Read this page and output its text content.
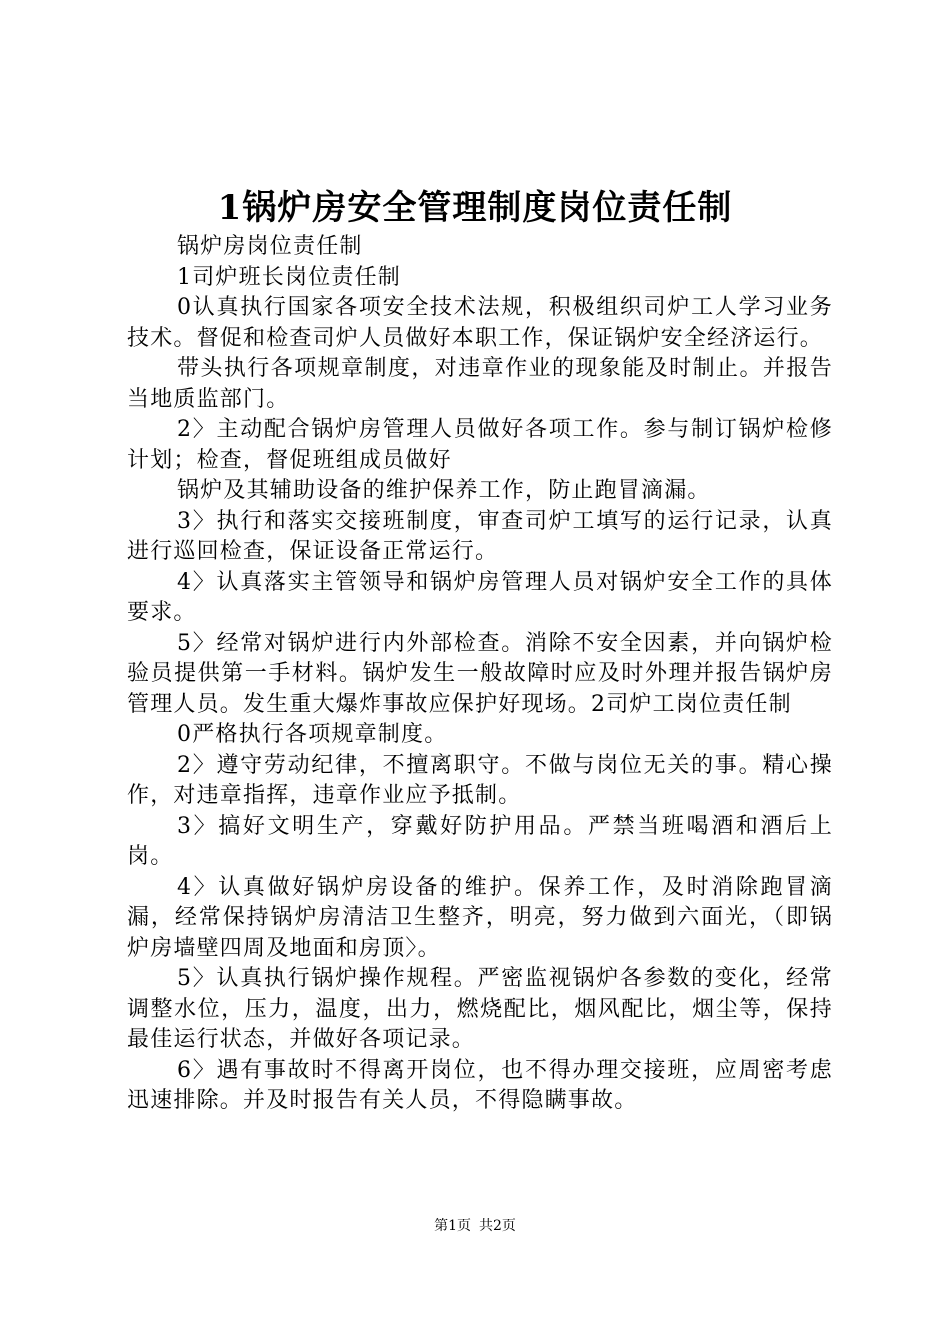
1锅炉房安全管理制度岗位责任制

锅炉房岗位责任制

1司炉班长岗位责任制

0认真执行国家各项安全技术法规，积极组织司炉工人学习业务技术。督促和检查司炉人员做好本职工作，保证锅炉安全经济运行。

带头执行各项规章制度，对违章作业的现象能及时制止。并报告当地质监部门。

2〉主动配合锅炉房管理人员做好各项工作。参与制订锅炉检修计划；检查，督促班组成员做好

锅炉及其辅助设备的维护保养工作，防止跑冒滴漏。

3〉执行和落实交接班制度，审查司炉工填写的运行记录，认真进行巡回检查，保证设备正常运行。

4〉认真落实主管领导和锅炉房管理人员对锅炉安全工作的具体要求。

5〉经常对锅炉进行内外部检查。消除不安全因素，并向锅炉检验员提供第一手材料。锅炉发生一般故障时应及时外理并报告锅炉房管理人员。发生重大爆炸事故应保护好现场。2司炉工岗位责任制

0严格执行各项规章制度。

2〉遵守劳动纪律，不擅离职守。不做与岗位无关的事。精心操作，对违章指挥，违章作业应予抵制。

3〉搞好文明生产，穿戴好防护用品。严禁当班喝酒和酒后上岗。

4〉认真做好锅炉房设备的维护。保养工作，及时消除跑冒滴漏，经常保持锅炉房清洁卫生整齐，明亮，努力做到六面光，（即锅炉房墙壁四周及地面和房顶〉。

5〉认真执行锅炉操作规程。严密监视锅炉各参数的变化，经常调整水位，压力，温度，出力，燃烧配比，烟风配比，烟尘等，保持最佳运行状态，并做好各项记录。

6〉遇有事故时不得离开岗位，也不得办理交接班，应周密考虑迅速排除。并及时报告有关人员，不得隐瞒事故。

第1页 共2页
